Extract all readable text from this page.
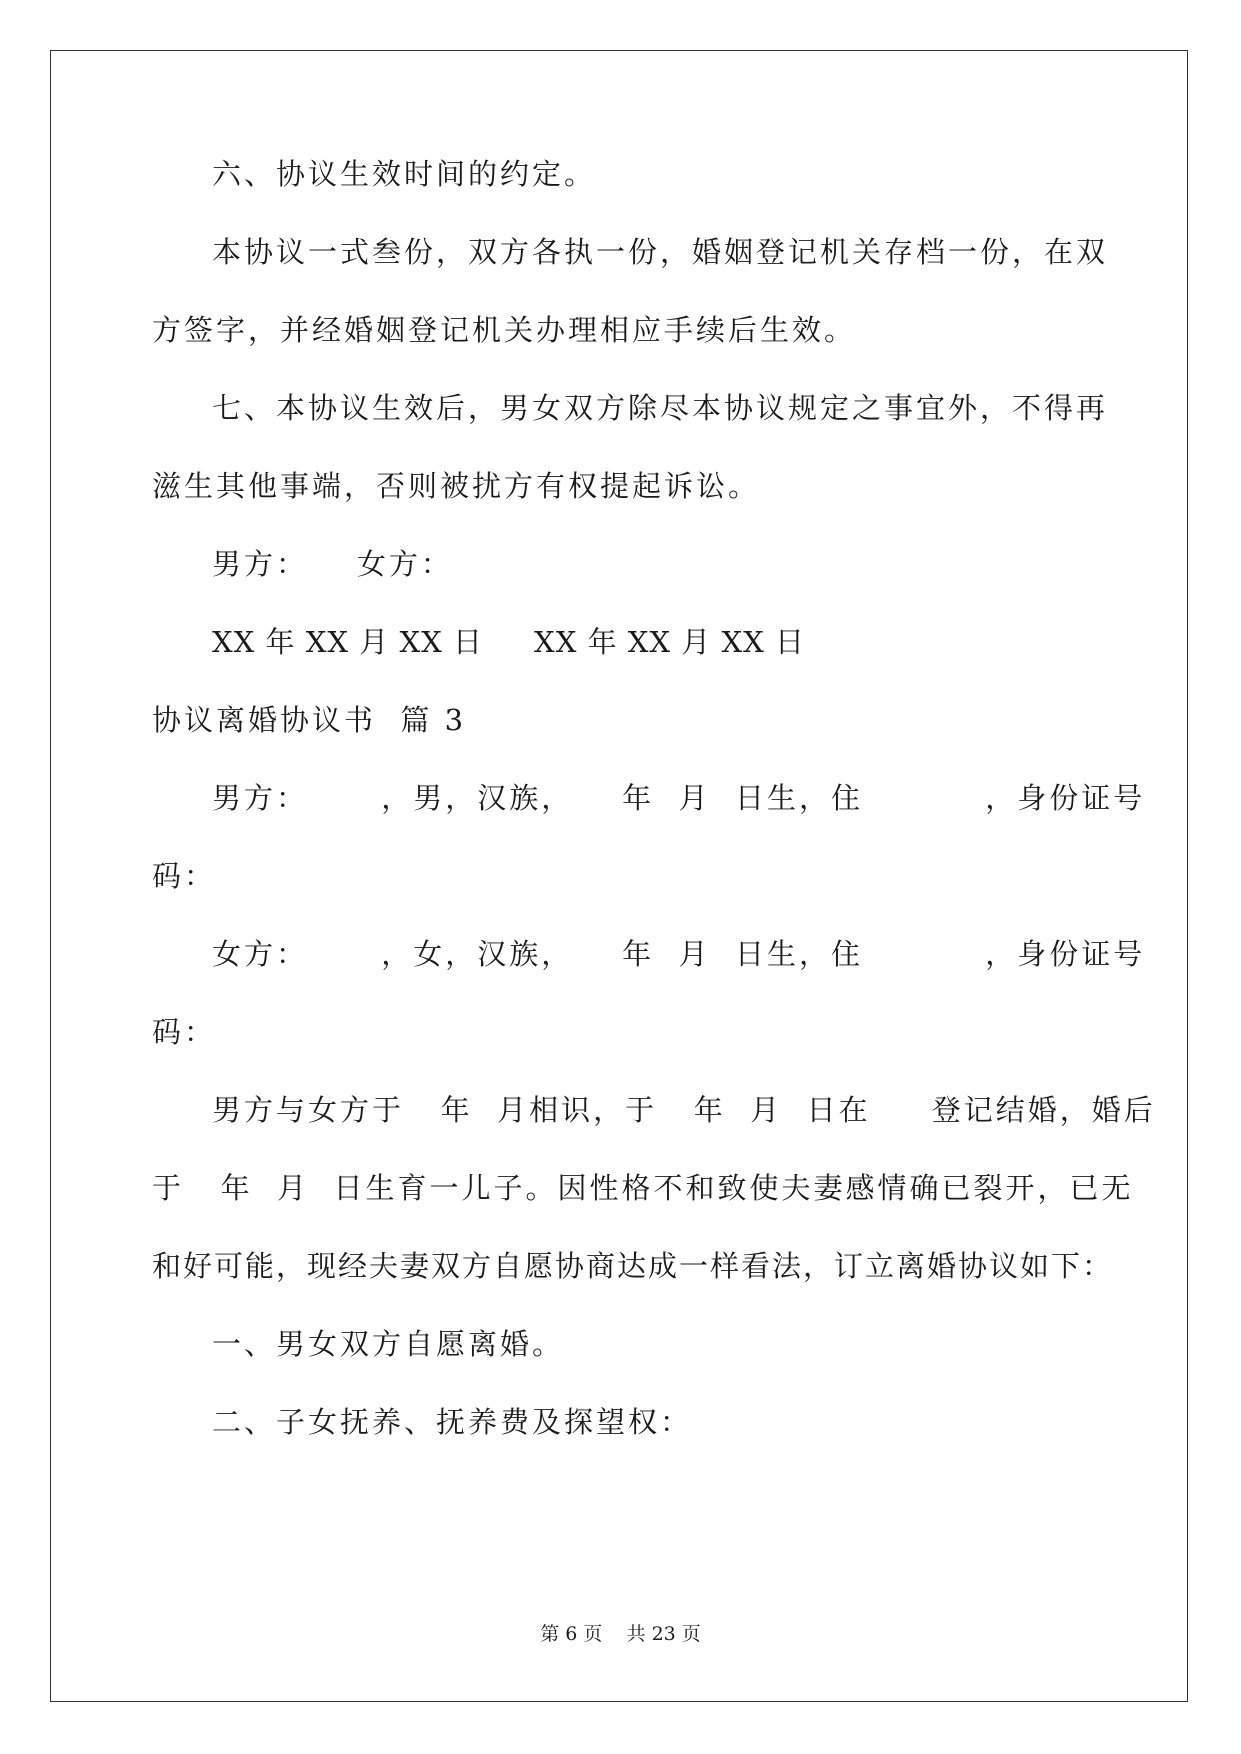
六、协议生效时间的约定。
本协议一式叁份，双方各执一份，婚姻登记机关存档一份，在双
方签字，并经婚姻登记机关办理相应手续后生效。
七、本协议生效后，男女双方除尽本协议规定之事宜外，不得再
滋生其他事端，否则被扰方有权提起诉讼。
男方：    女方：
XX 年 XX 月 XX 日     XX 年 XX 月 XX 日
协议离婚协议书  篇 3
男方：      ，男，汉族，    年  月  日生，住          ，身份证号
码：
女方：      ，女，汉族，    年  月  日生，住          ，身份证号
码：
男方与女方于   年  月相识，于   年  月  日在     登记结婚，婚后
于   年  月  日生育一儿子。因性格不和致使夫妻感情确已裂开，已无
和好可能，现经夫妻双方自愿协商达成一样看法，订立离婚协议如下：
一、男女双方自愿离婚。
二、子女抚养、抚养费及探望权：
第 6 页    共 23 页
